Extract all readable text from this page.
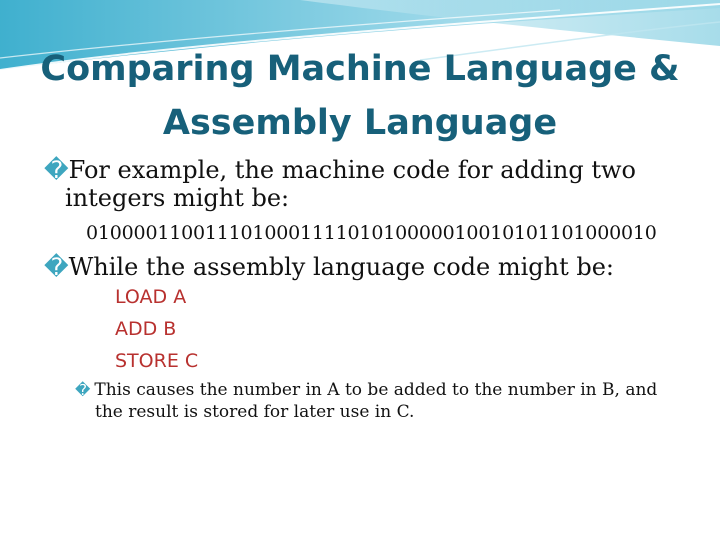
Comparing Machine Language &
Assembly Language
�For example, the machine code for adding two
integers might be:
010000110011101000111101010000010010101101000010
�While the assembly language code might be:
LOAD A
ADD B
STORE C
� This causes the number in A to be added to the number in B, and
the result is stored for later use in C.
